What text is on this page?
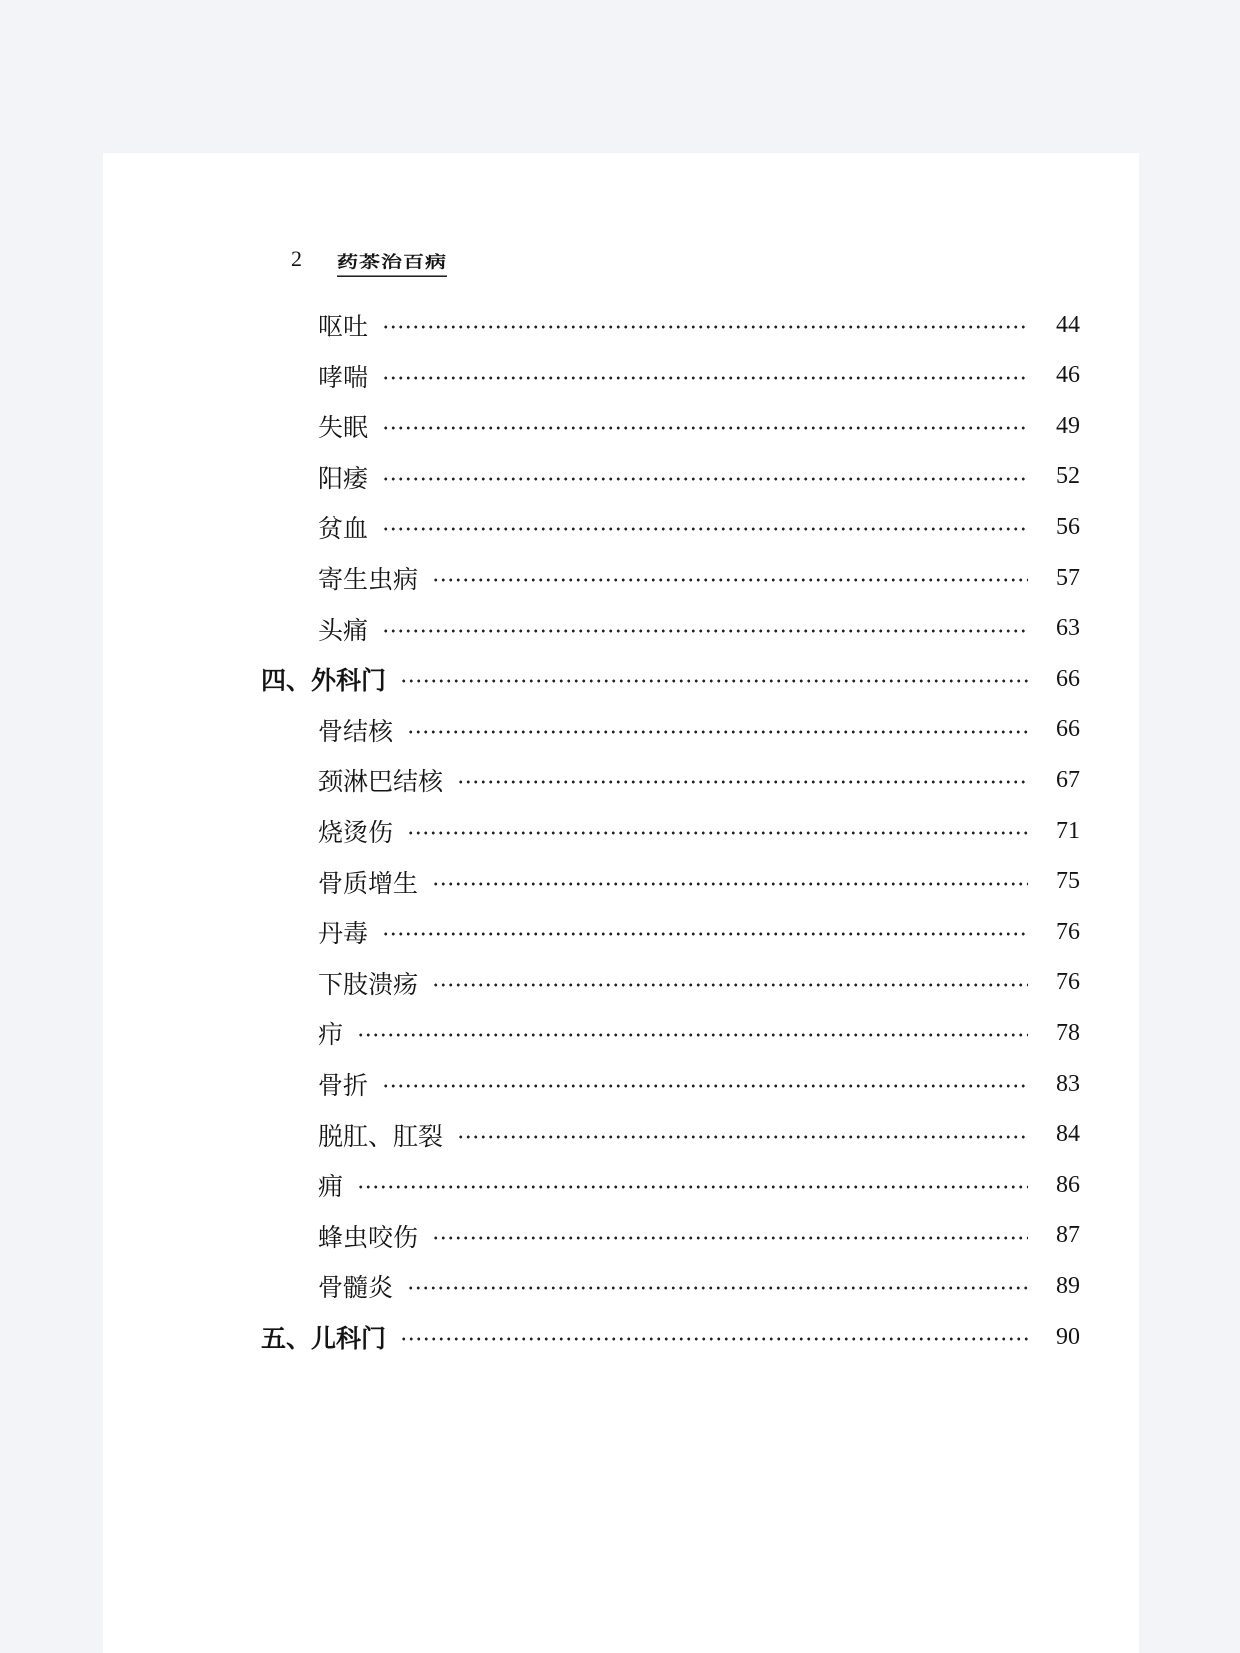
2	药茶治百病
呕吐	44
哮喘	46
失眠	49
阳痿	52
贫血	56
寄生虫病	57
头痛	63
四、外科门	66
骨结核	66
颈淋巴结核	67
烧烫伤	71
骨质增生	75
丹毒	76
下肢溃疡	76
疖	78
骨折	83
脱肛、肛裂	84
痈	86
蜂虫咬伤	87
骨髓炎	89
五、儿科门	90
